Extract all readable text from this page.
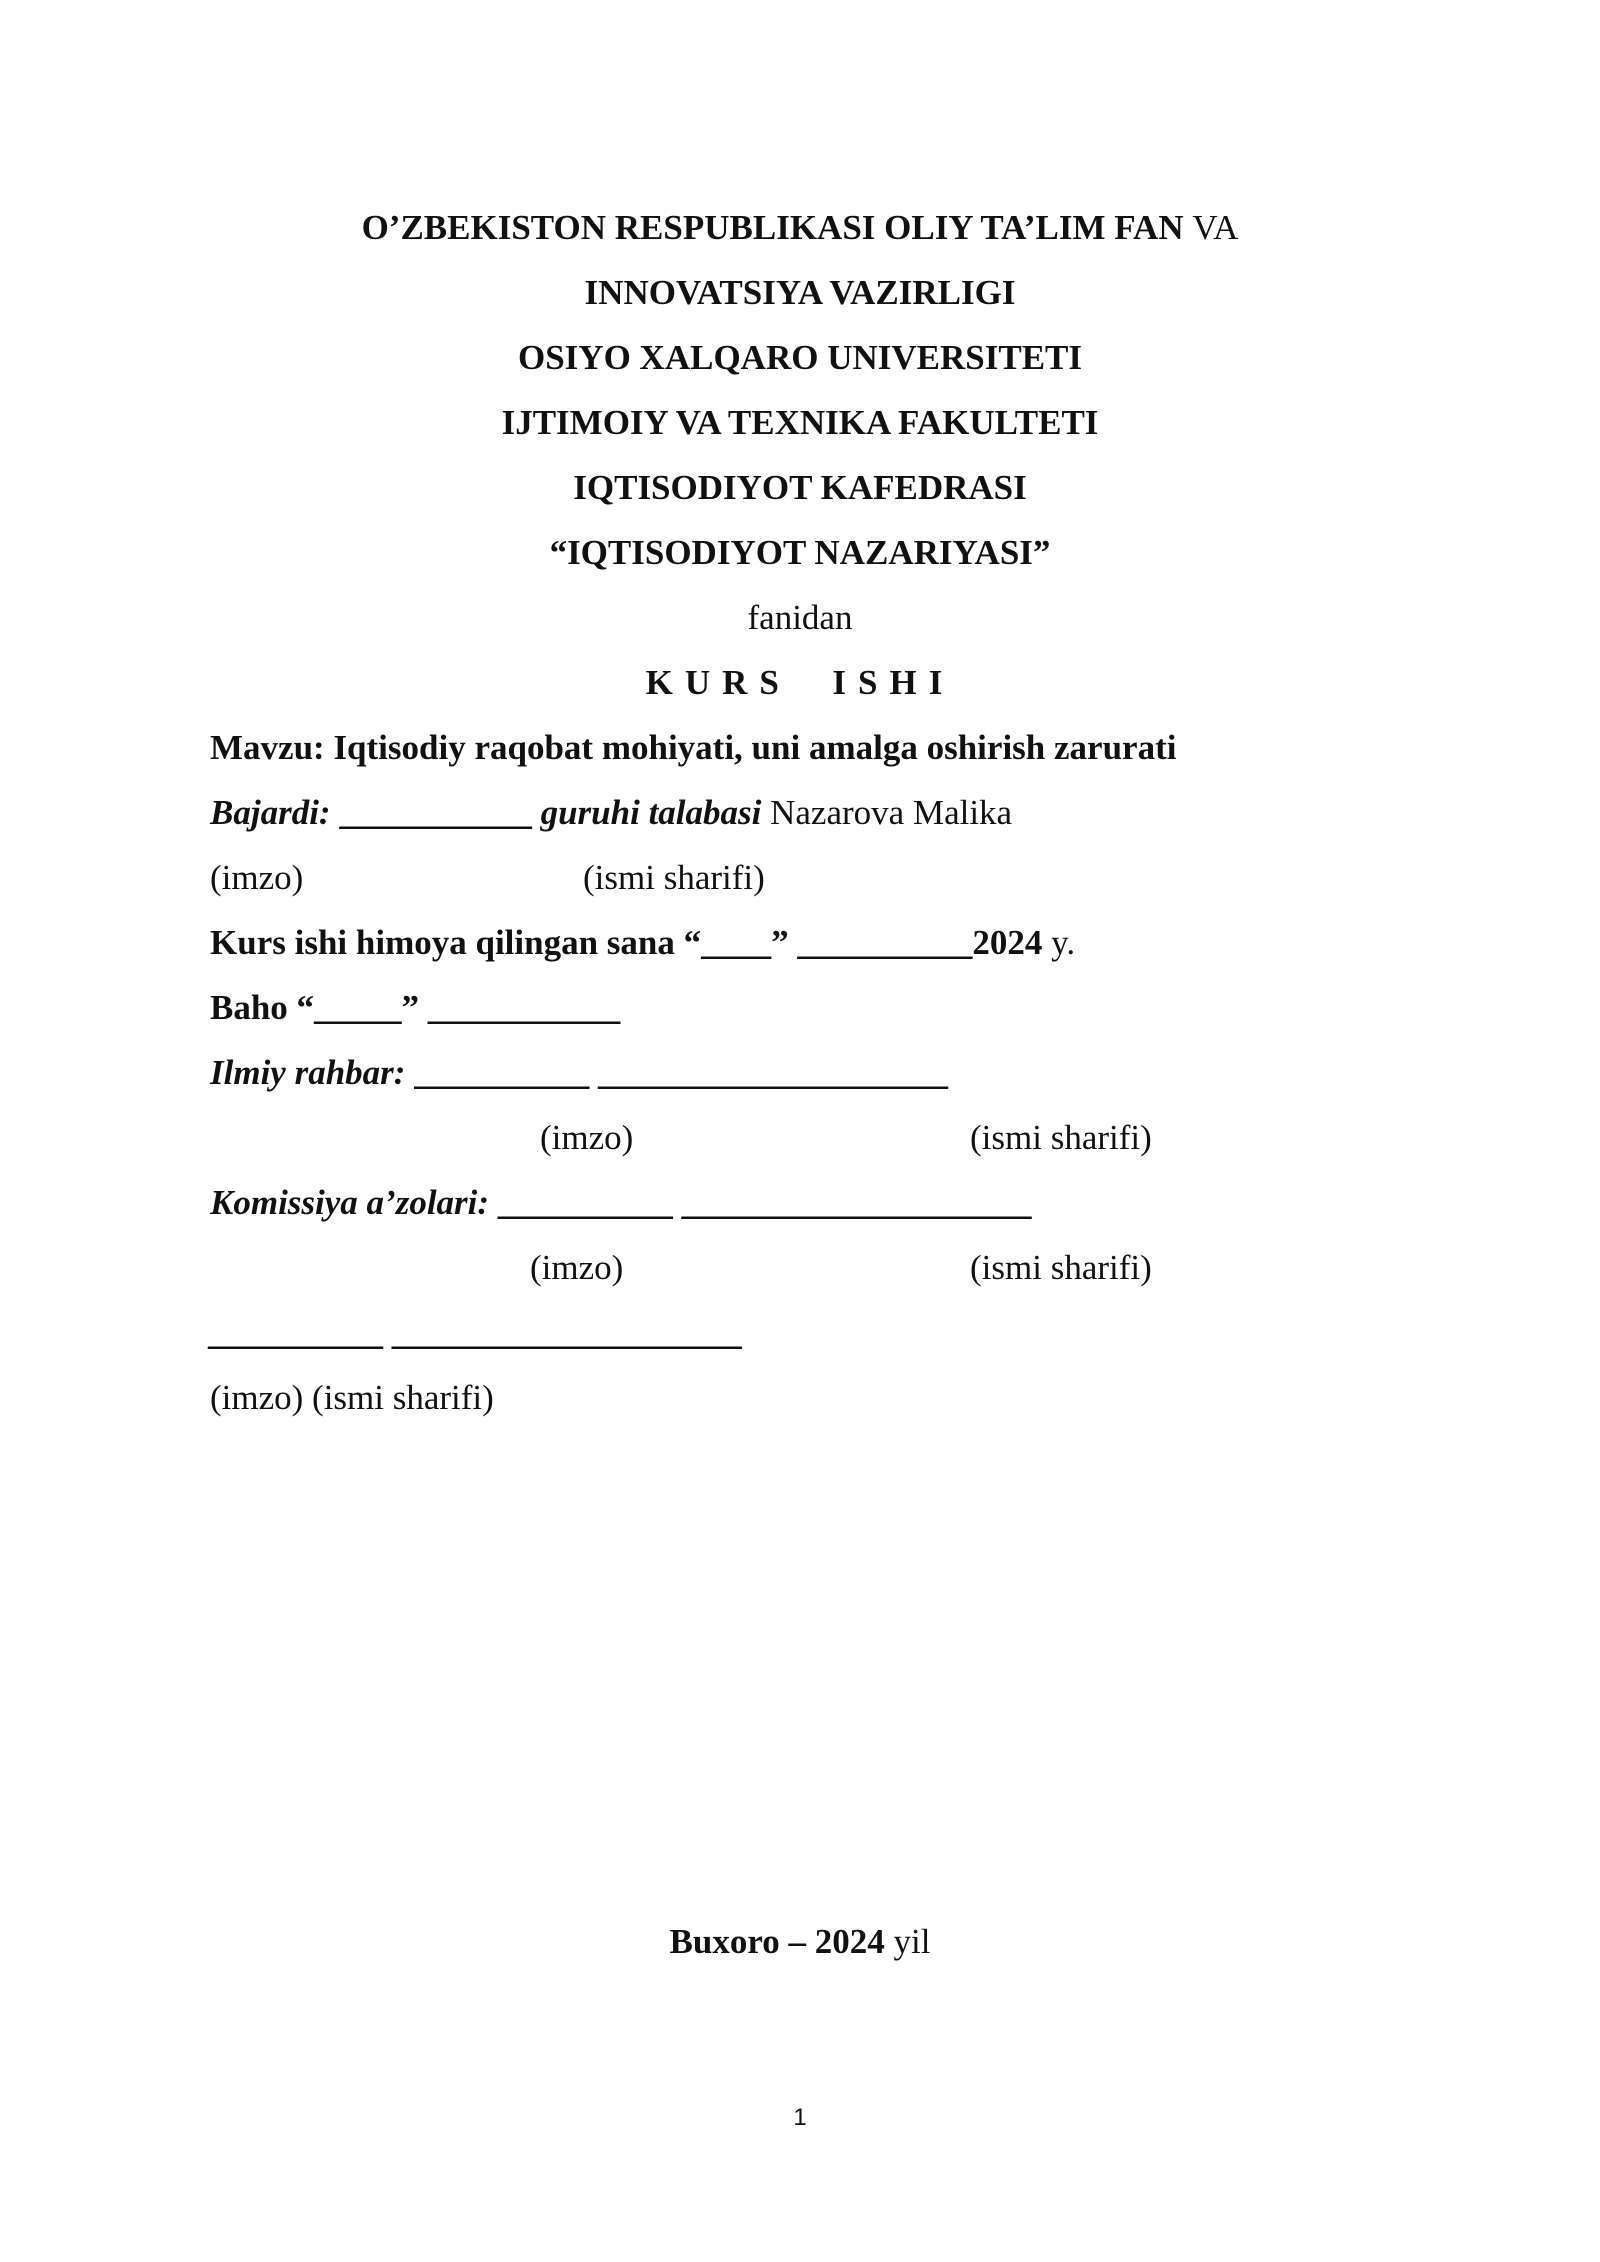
O’ZBEKISTON RESPUBLIKASI OLIY TA’LIM FAN VA
INNOVATSIYA VAZIRLIGI
OSIYO XALQARO UNIVERSITETI
IJTIMOIY VA TEXNIKA FAKULTETI
IQTISODIYOT KAFEDRASI
“IQTISODIYOT NAZARIYASI”
fanidan
KURS  ISHI
Mavzu: Iqtisodiy raqobat mohiyati, uni amalga oshirish zarurati
Bajardi: ___________ guruhi talabasi Nazarova Malika
(imzo)	(ismi sharifi)
Kurs ishi himoya qilingan sana “____” __________2024 y.
Baho “_____” ___________
Ilmiy rahbar: __________ ____________________
(imzo)	(ismi sharifi)
Komissiya a’zolari: __________ ____________________
(imzo)	(ismi sharifi)
__________ ____________________
(imzo) (ismi sharifi)
Buxoro – 2024 yil
1
